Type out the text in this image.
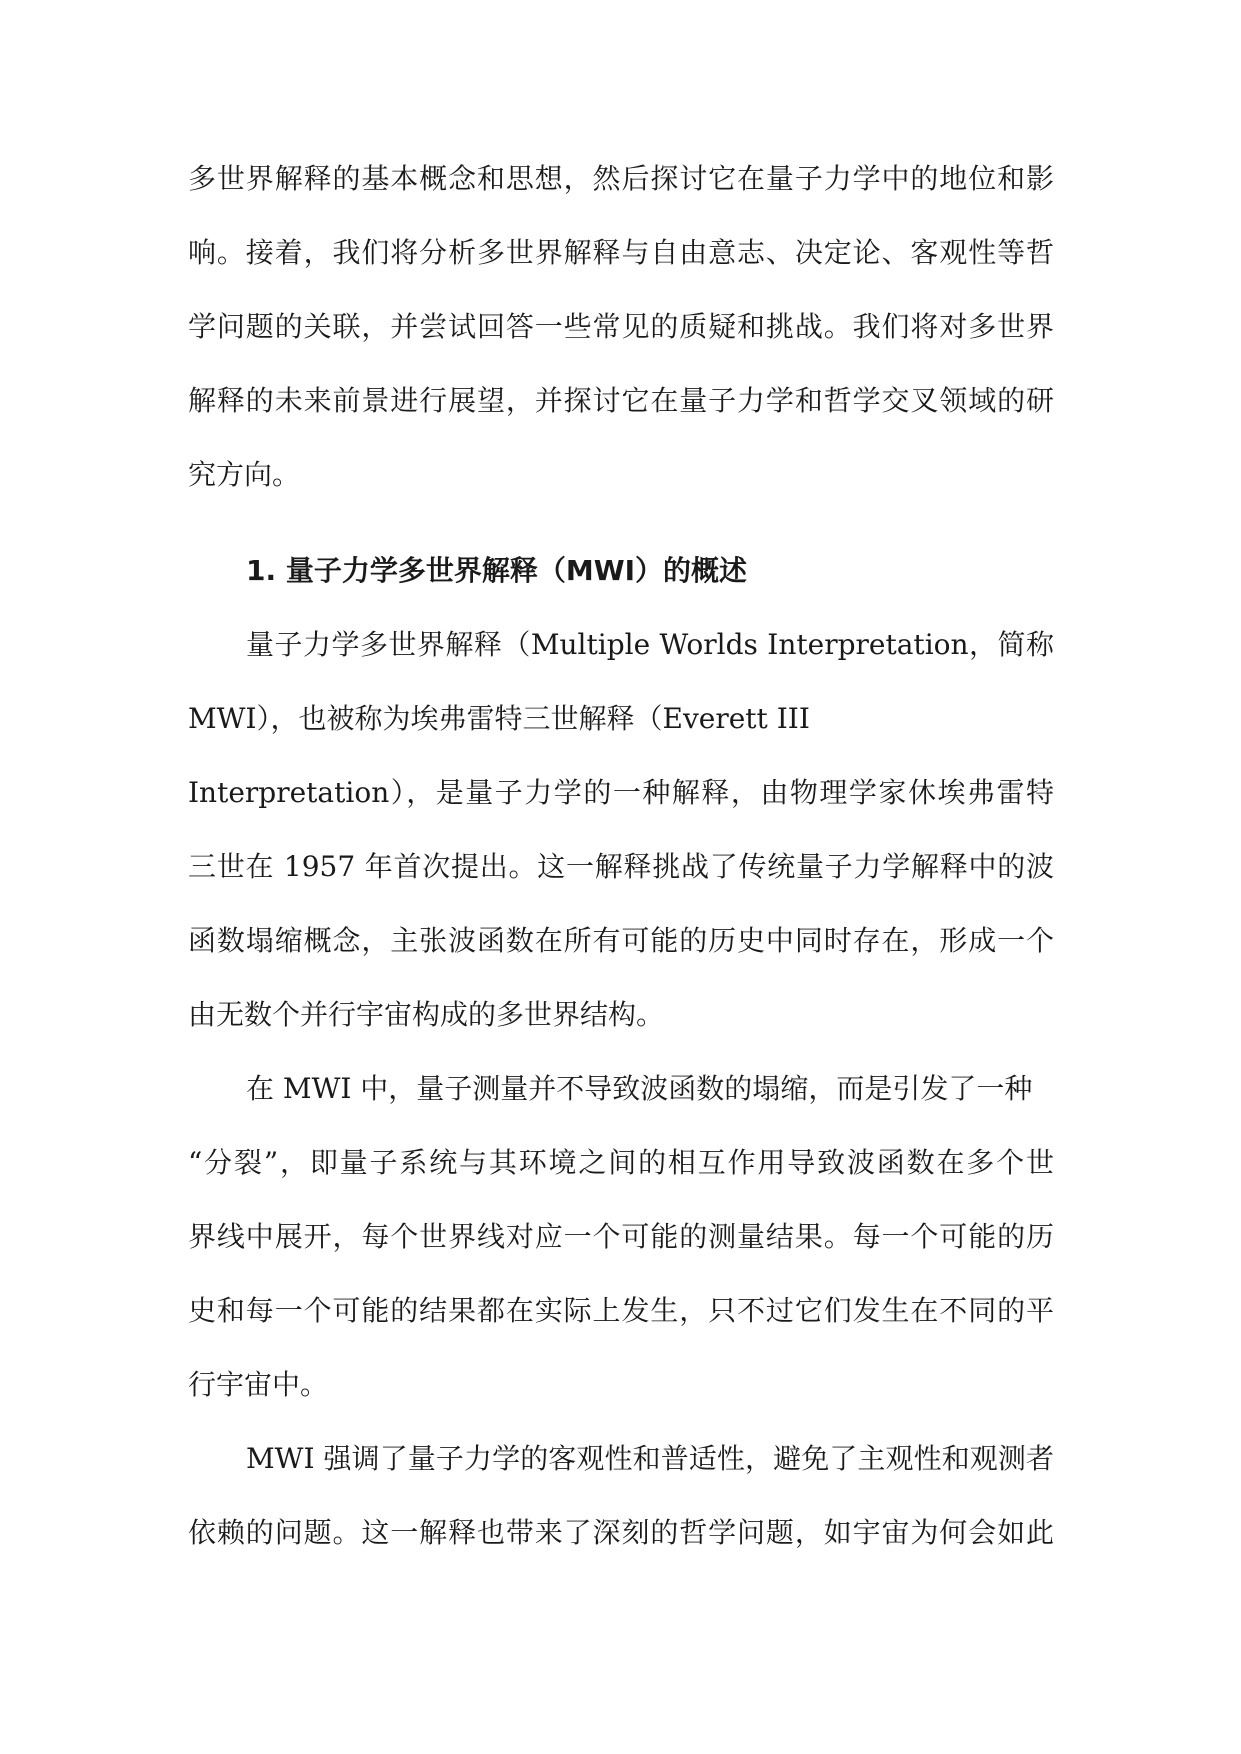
多世界解释的基本概念和思想，然后探讨它在量子力学中的地位和影
响。接着，我们将分析多世界解释与自由意志、决定论、客观性等哲
学问题的关联，并尝试回答一些常见的质疑和挑战。我们将对多世界
解释的未来前景进行展望，并探讨它在量子力学和哲学交叉领域的研
究方向。
1. 量子力学多世界解释（MWI）的概述
量子力学多世界解释（Multiple Worlds Interpretation，简称
MWI），也被称为埃弗雷特三世解释（Everett III
Interpretation），是量子力学的一种解释，由物理学家休埃弗雷特
三世在 1957 年首次提出。这一解释挑战了传统量子力学解释中的波
函数塌缩概念，主张波函数在所有可能的历史中同时存在，形成一个
由无数个并行宇宙构成的多世界结构。
在 MWI 中，量子测量并不导致波函数的塌缩，而是引发了一种
“分裂”，即量子系统与其环境之间的相互作用导致波函数在多个世
界线中展开，每个世界线对应一个可能的测量结果。每一个可能的历
史和每一个可能的结果都在实际上发生，只不过它们发生在不同的平
行宇宙中。
MWI 强调了量子力学的客观性和普适性，避免了主观性和观测者
依赖的问题。这一解释也带来了深刻的哲学问题，如宇宙为何会如此
